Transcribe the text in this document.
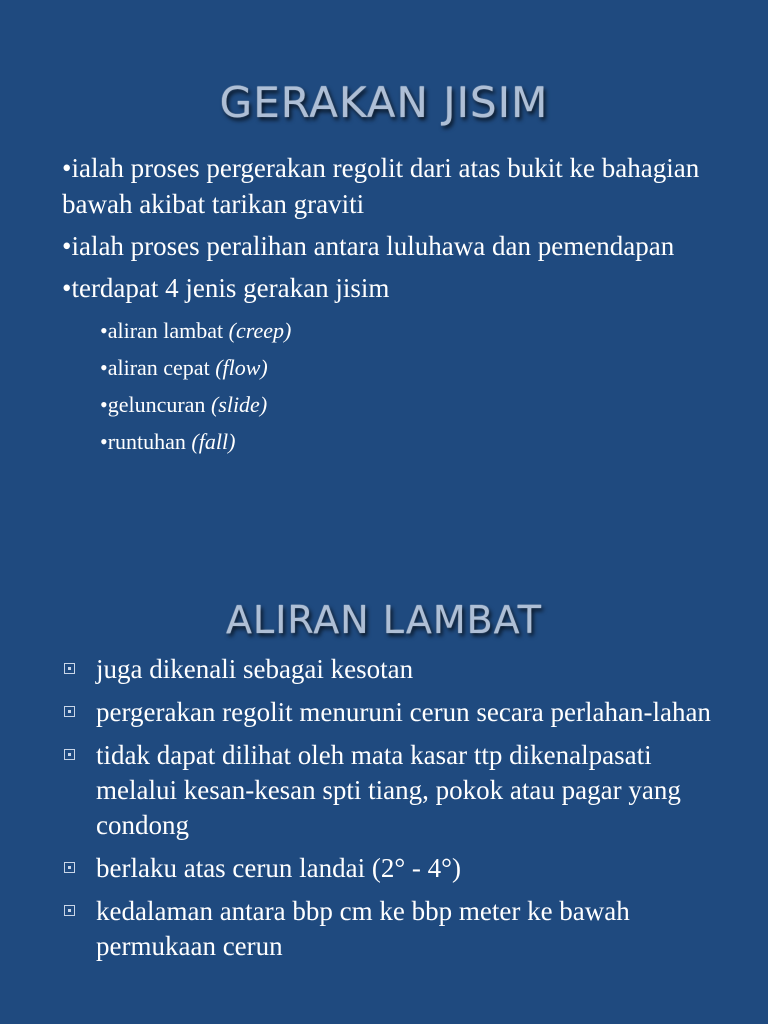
GERAKAN JISIM
•ialah proses pergerakan regolit dari atas bukit ke bahagian bawah akibat tarikan graviti
•ialah proses peralihan antara luluhawa dan pemendapan
•terdapat 4 jenis gerakan jisim
•aliran lambat (creep)
•aliran cepat (flow)
•geluncuran (slide)
•runtuhan (fall)
ALIRAN LAMBAT
juga dikenali sebagai kesotan
pergerakan regolit menuruni cerun secara perlahan-lahan
tidak dapat dilihat oleh mata kasar ttp dikenalpasati melalui kesan-kesan spti tiang, pokok atau pagar yang condong
berlaku atas cerun landai (2° - 4°)
kedalaman antara bbp cm ke bbp meter ke bawah permukaan cerun
